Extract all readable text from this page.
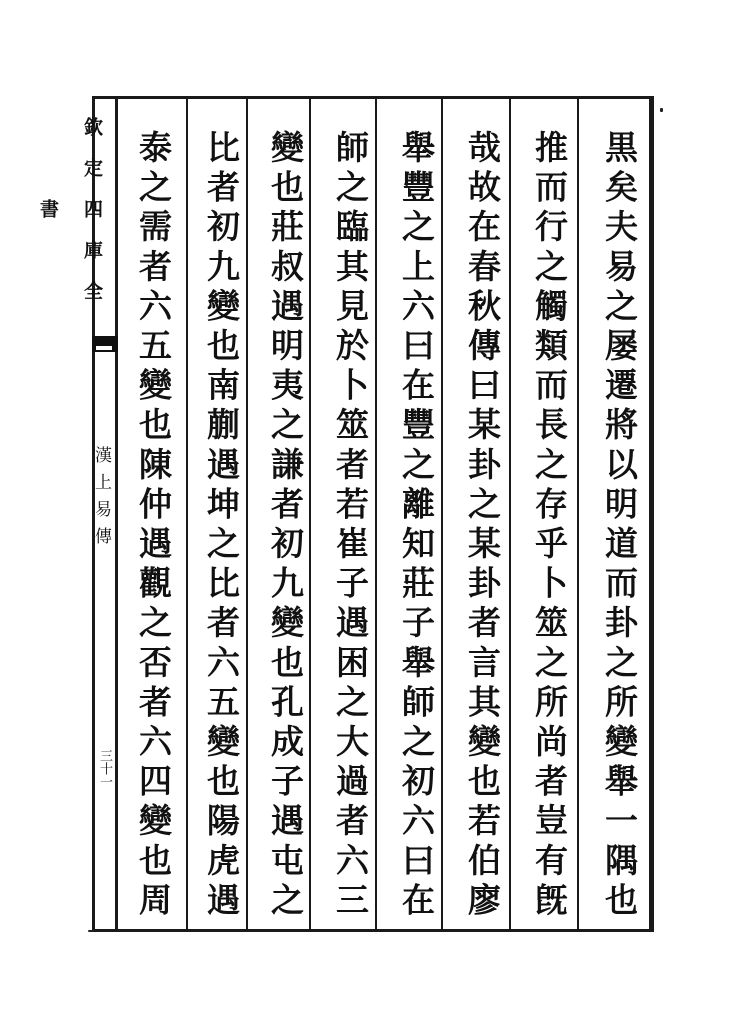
欽定四庫全書
漢上易傳
三十一	黒矣夫易之屡遷將以明道而卦之所變舉一隅也
推而行之觸類而長之存乎卜筮之所尚者豈有旣
哉故在春秋傳曰某卦之某卦者言其變也若伯廖
舉豐之上六曰在豐之離知莊子舉師之初六曰在
師之臨其見於卜筮者若崔子遇困之大過者六三
變也莊叔遇明夷之謙者初九變也孔成子遇屯之
比者初九變也南蒯遇坤之比者六五變也陽虎遇
泰之需者六五變也陳仲遇觀之否者六四變也周
